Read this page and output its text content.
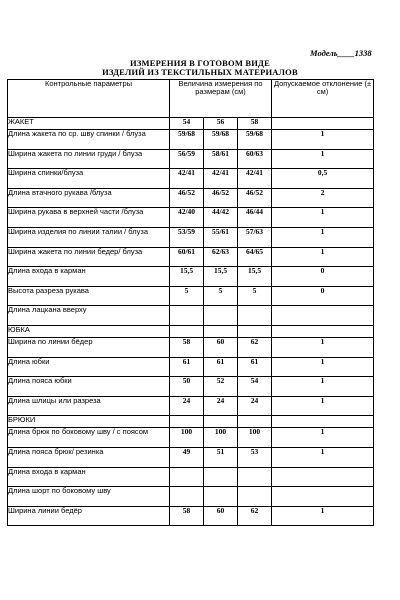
Модель____1338
ИЗМЕРЕНИЯ В ГОТОВОМ ВИДЕ
ИЗДЕЛИЙ ИЗ ТЕКСТИЛЬНЫХ МАТЕРИАЛОВ
Контрольные параметры	Величина измерения по размерам (см)			Допускаемое отклонение (± см)
ЖАКЕТ	54	56	58	
Длина жакета по ср. шву спинки / блуза	59/68	59/68	59/68	1
Ширина жакета по линии груди / блуза	56/59	58/61	60/63	1
Ширина спинки/блуза	42/41	42/41	42/41	0,5
Длина втачного рукава /блуза	46/52	46/52	46/52	2
Ширина рукава в верхней части /блуза	42/40	44/42	46/44	1
Ширина изделия по линии талии / блуза	53/59	55/61	57/63	1
Ширина жакета по линии бедер/ блуза	60/61	62/63	64/65	1
Длина входа в карман	15,5	15,5	15,5	0
Высота разреза рукава	5	5	5	0
Длина лацкана вверху				
ЮБКА				
Ширина по линии бёдер	58	60	62	1
Длина юбки	61	61	61	1
Длина пояса юбки	50	52	54	1
Длина шлицы или разреза	24	24	24	1
БРЮКИ				
Длина брюк по боковому шву / с поясом	100	100	100	1
Длина пояса брюк/ резинка	49	51	53	1
Длина входа в карман				
Длина шорт по боковому шву				
Ширина линии бедёр	58	60	62	1
